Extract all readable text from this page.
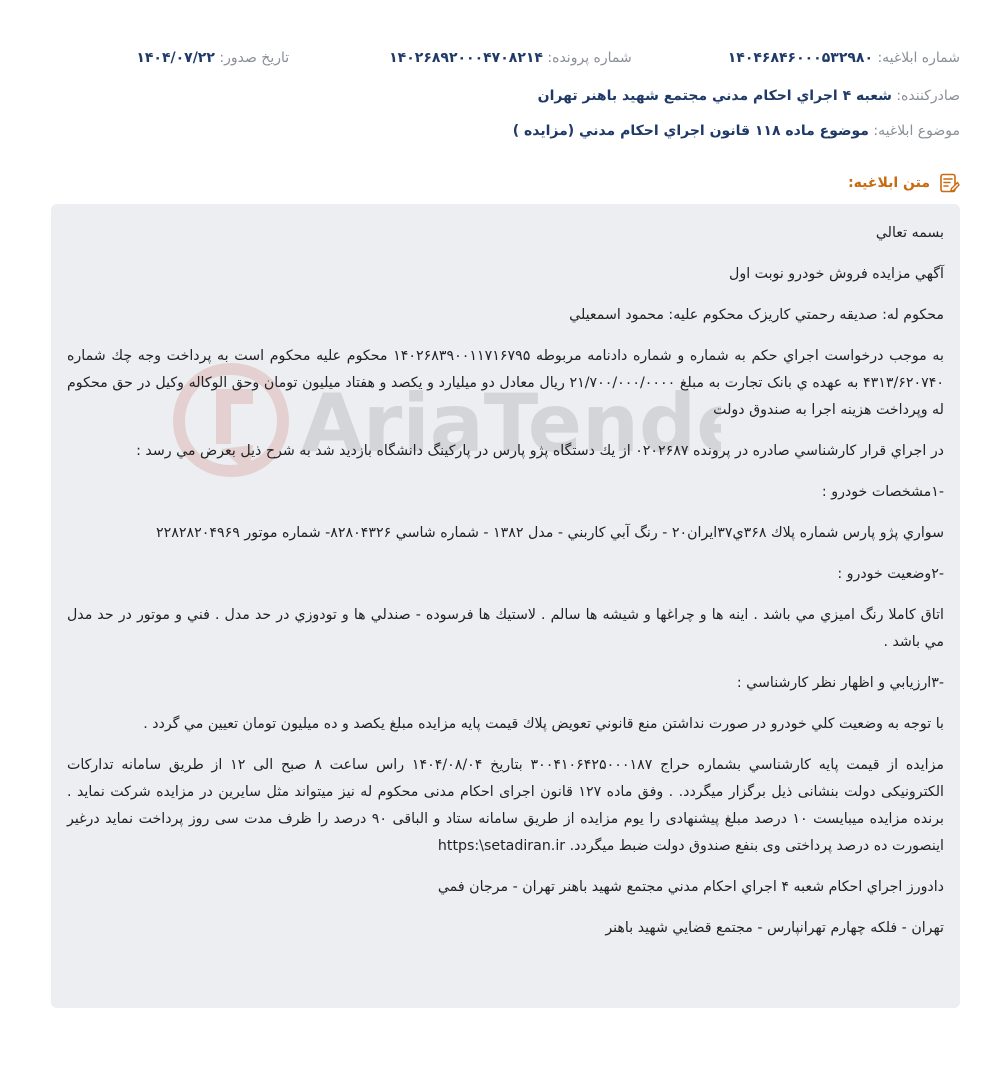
شماره ابلاغيه: ۱۴۰۴۶۸۴۶۰۰۰۵۳۲۹۸۰
شماره پرونده: ۱۴۰۲۶۸۹۲۰۰۰۴۷۰۸۲۱۴
تاريخ صدور: ۱۴۰۴/۰۷/۲۲
صادرکننده: شعبه ۴ اجراي احكام مدني مجتمع شهيد باهنر تهران
موضوع ابلاغيه: موضوع ماده ۱۱۸ قانون اجراي احكام مدني (مزايده )
متن ابلاغيه:
AriaTend

بسمه تعالي

آگهي مزايده فروش خودرو نوبت اول

محکوم له: صديقه رحمتي کاريزک محکوم عليه: محمود اسمعيلي

به موجب درخواست اجراي حكم به شماره و شماره دادنامه مربوطه ۱۴۰۲۶۸۳۹۰۰۱۱۷۱۶۷۹۵ محکوم عليه محکوم است به پرداخت وجه چك شماره ۴۳۱۳/۶۲۰۷۴۰ به عهده ي بانک تجارت به مبلغ ۲۱/۷۰۰/۰۰۰/۰۰۰۰ ريال معادل دو ميليارد و يکصد و هفتاد ميليون تومان وحق الوکاله وکيل در حق محکوم له وپرداخت هزينه اجرا به صندوق دولت

در اجراي قرار کارشناسي صادره در پرونده ۰۲۰۲۶۸۷ از يك دستگاه پژو پارس در پارکينگ دانشگاه بازديد شد به شرح ذيل بعرض مي رسد :

-۱مشخصات خودرو :

سواري پژو پارس شماره پلاك ۳۶۸ي۳۷ايران۲۰ - رنگ آبي کاربني - مدل ۱۳۸۲ - شماره شاسي ۸۲۸۰۴۳۲۶- شماره موتور ۲۲۸۲۸۲۰۴۹۶۹

-۲وضعيت خودرو :

اتاق كاملا رنگ اميزي مي باشد . اينه ها و چراغها و شيشه ها سالم . لاستيك ها فرسوده - صندلي ها و تودوزي در حد مدل . فني و موتور در حد مدل مي باشد .

-۳ارزيابي و اظهار نظر كارشناسي :

با توجه به وضعيت كلي خودرو در صورت نداشتن منع قانوني تعويض پلاك قيمت پايه مزايده مبلغ يكصد و ده ميليون تومان تعيين مي گردد .

مزايده از قيمت پايه کارشناسي بشماره حراج ۳۰۰۴۱۰۶۴۲۵۰۰۰۱۸۷ بتاريخ ۱۴۰۴/۰۸/۰۴ راس ساعت ۸ صبح الی ۱۲ از طريق سامانه تدارکات الکترونيکی دولت بنشانی ذيل برگزار ميگردد. . وفق ماده ۱۲۷ قانون اجرای احکام مدنی محکوم له نيز ميتواند مثل سايرين در مزايده شرکت نمايد . برنده مزايده ميبايست ۱۰ درصد مبلغ پيشنهادی را يوم مزايده از طريق سامانه ستاد و الباقی ۹۰ درصد را ظرف مدت سی روز پرداخت نمايد درغير اينصورت ده درصد پرداختی وی بنفع صندوق دولت ضبط ميگردد. https:\setadiran.ir

دادورز اجراي احکام شعبه ۴ اجراي احكام مدني مجتمع شهيد باهنر تهران - مرجان فمي

تهران - فلکه چهارم تهرانپارس - مجتمع قضايي شهيد باهنر
